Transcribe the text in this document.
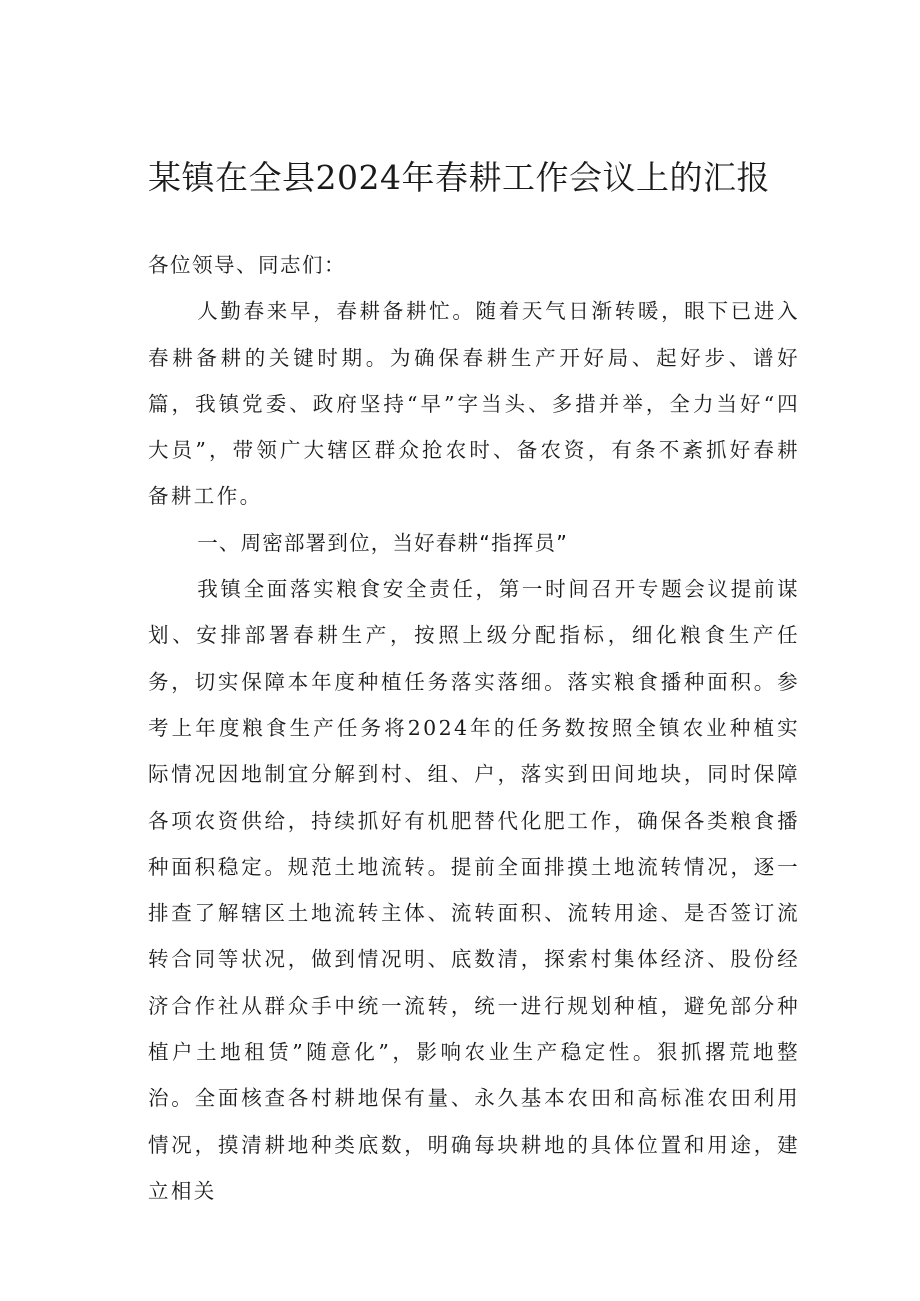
某镇在全县2024年春耕工作会议上的汇报

各位领导、同志们：

人勤春来早，春耕备耕忙。随着天气日渐转暖，眼下已进入春耕备耕的关键时期。为确保春耕生产开好局、起好步、谱好篇，我镇党委、政府坚持“早”字当头、多措并举，全力当好“四大员”，带领广大辖区群众抢农时、备农资，有条不紊抓好春耕备耕工作。

一、周密部署到位，当好春耕“指挥员”

我镇全面落实粮食安全责任，第一时间召开专题会议提前谋划、安排部署春耕生产，按照上级分配指标，细化粮食生产任务，切实保障本年度种植任务落实落细。落实粮食播种面积。参考上年度粮食生产任务将2024年的任务数按照全镇农业种植实际情况因地制宜分解到村、组、户，落实到田间地块，同时保障各项农资供给，持续抓好有机肥替代化肥工作，确保各类粮食播种面积稳定。规范土地流转。提前全面排摸土地流转情况，逐一排查了解辖区土地流转主体、流转面积、流转用途、是否签订流转合同等状况，做到情况明、底数清，探索村集体经济、股份经济合作社从群众手中统一流转，统一进行规划种植，避免部分种植户土地租赁”随意化”，影响农业生产稳定性。狠抓撂荒地整治。全面核查各村耕地保有量、永久基本农田和高标准农田利用情况，摸清耕地种类底数，明确每块耕地的具体位置和用途，建立相关
